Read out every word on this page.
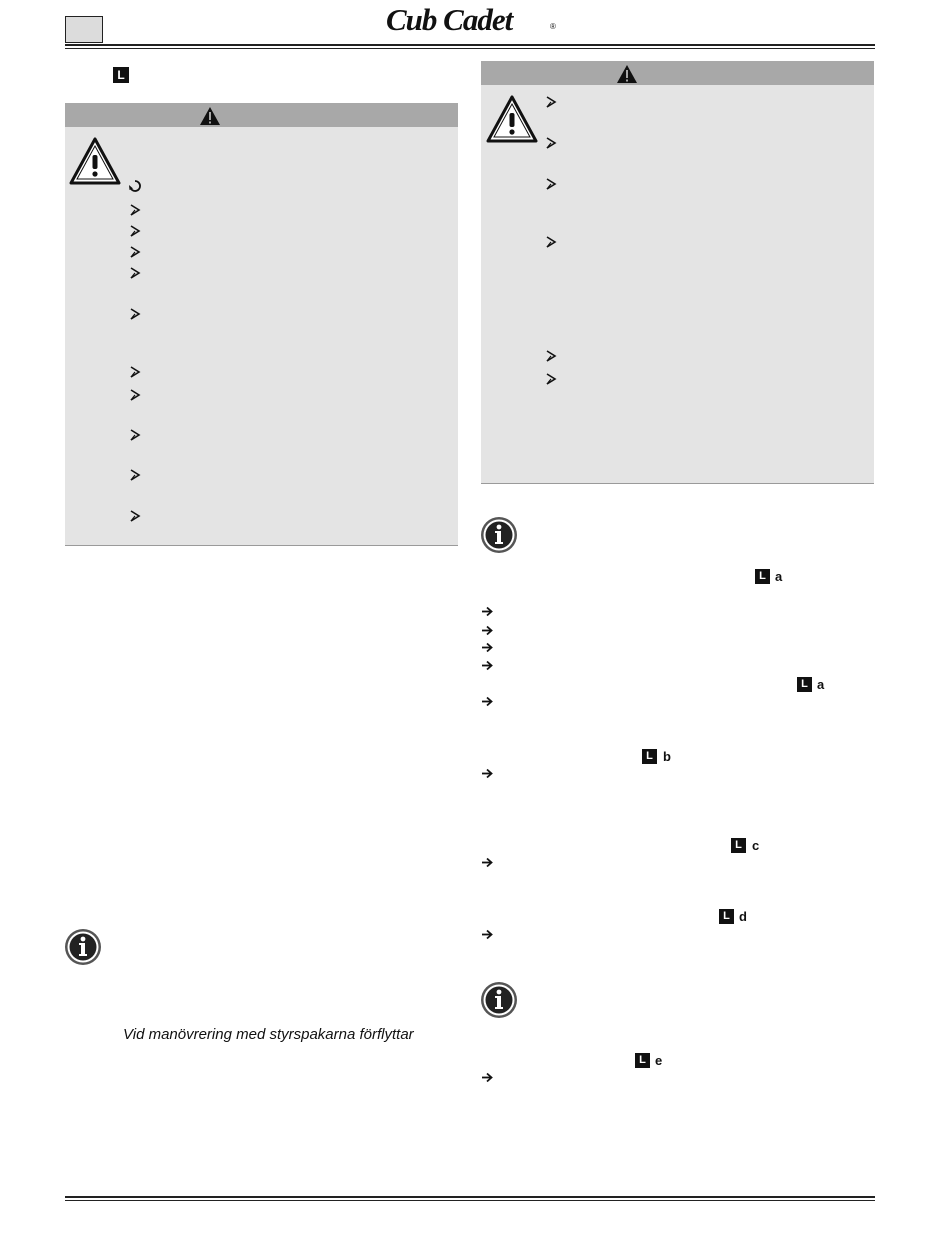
Cub Cadet	®
L
L a
L a
L b
L c
L d
L e
Vid manövrering med styrspakarna förflyttar
